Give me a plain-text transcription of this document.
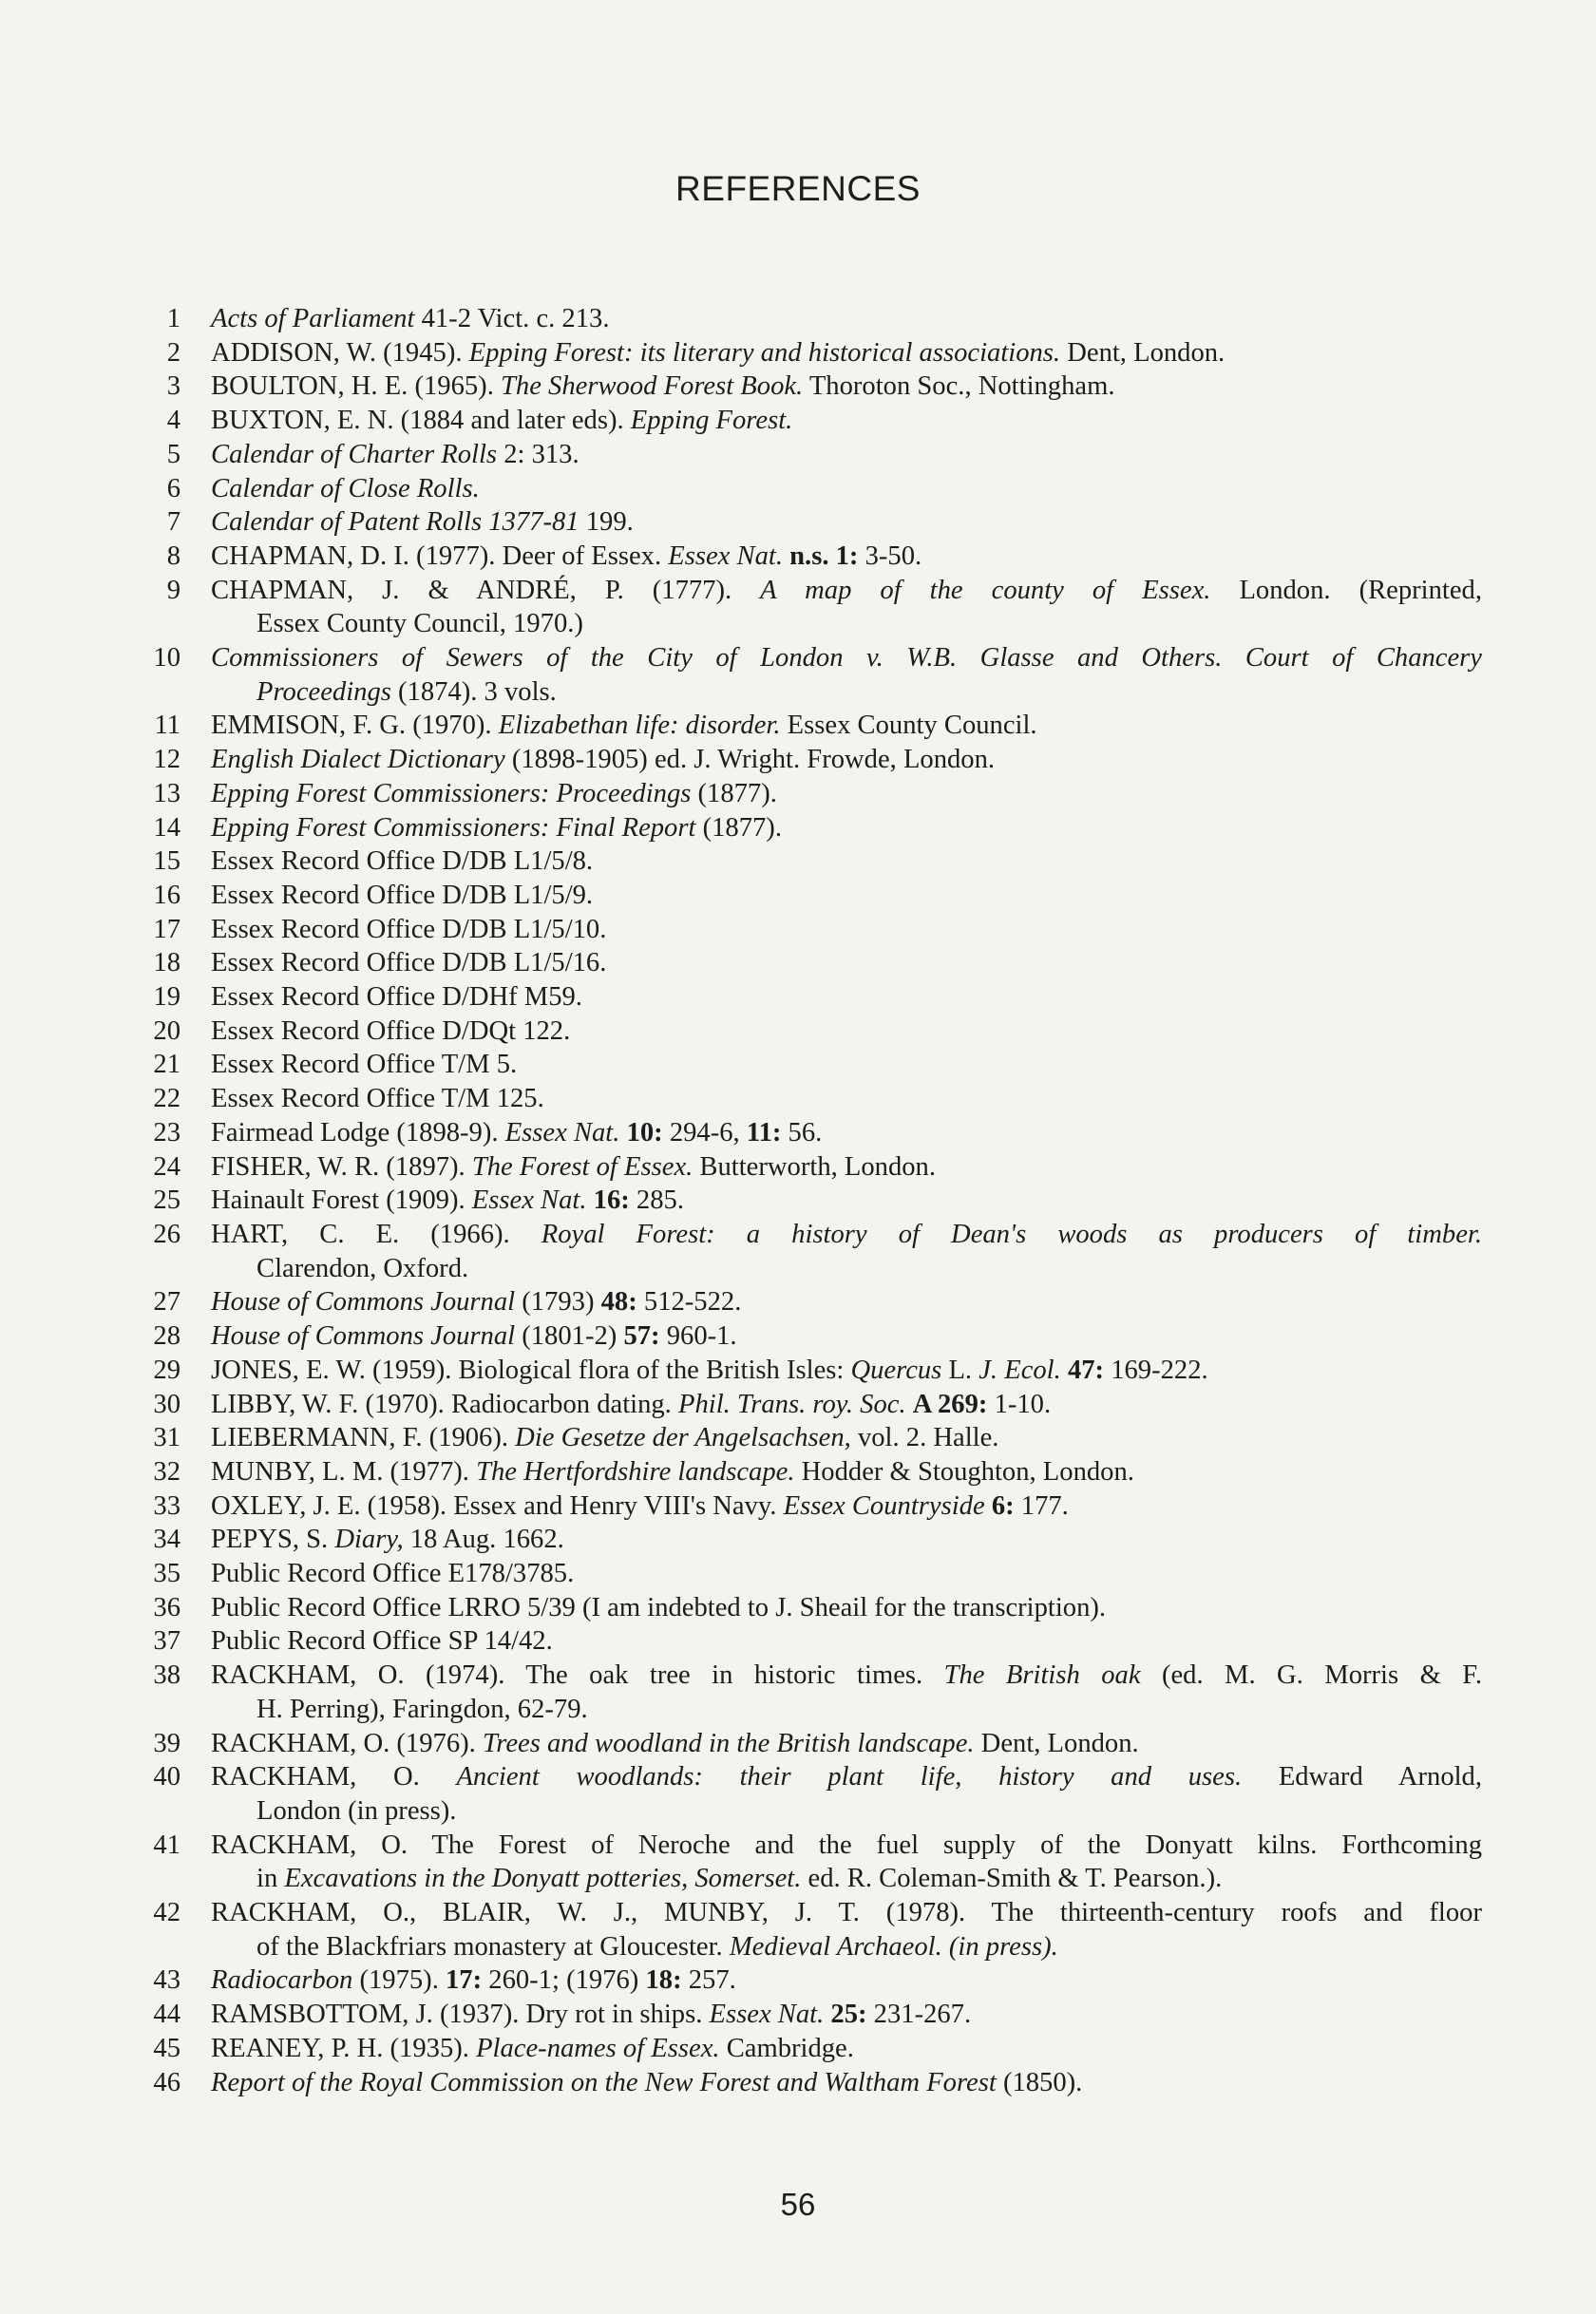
REFERENCES
1 Acts of Parliament 41-2 Vict. c. 213.
2 ADDISON, W. (1945). Epping Forest: its literary and historical associations. Dent, London.
3 BOULTON, H. E. (1965). The Sherwood Forest Book. Thoroton Soc., Nottingham.
4 BUXTON, E. N. (1884 and later eds). Epping Forest.
5 Calendar of Charter Rolls 2: 313.
6 Calendar of Close Rolls.
7 Calendar of Patent Rolls 1377-81 199.
8 CHAPMAN, D. I. (1977). Deer of Essex. Essex Nat. n.s. 1: 3-50.
9 CHAPMAN, J. & ANDRÉ, P. (1777). A map of the county of Essex. London. (Reprinted,
Essex County Council, 1970.)
10 Commissioners of Sewers of the City of London v. W.B. Glasse and Others. Court of Chancery
Proceedings (1874). 3 vols.
11 EMMISON, F. G. (1970). Elizabethan life: disorder. Essex County Council.
12 English Dialect Dictionary (1898-1905) ed. J. Wright. Frowde, London.
13 Epping Forest Commissioners: Proceedings (1877).
14 Epping Forest Commissioners: Final Report (1877).
15 Essex Record Office D/DB L1/5/8.
16 Essex Record Office D/DB L1/5/9.
17 Essex Record Office D/DB L1/5/10.
18 Essex Record Office D/DB L1/5/16.
19 Essex Record Office D/DHf M59.
20 Essex Record Office D/DQt 122.
21 Essex Record Office T/M 5.
22 Essex Record Office T/M 125.
23 Fairmead Lodge (1898-9). Essex Nat. 10: 294-6, 11: 56.
24 FISHER, W. R. (1897). The Forest of Essex. Butterworth, London.
25 Hainault Forest (1909). Essex Nat. 16: 285.
26 HART, C. E. (1966). Royal Forest: a history of Dean's woods as producers of timber.
Clarendon, Oxford.
27 House of Commons Journal (1793) 48: 512-522.
28 House of Commons Journal (1801-2) 57: 960-1.
29 JONES, E. W. (1959). Biological flora of the British Isles: Quercus L. J. Ecol. 47: 169-222.
30 LIBBY, W. F. (1970). Radiocarbon dating. Phil. Trans. roy. Soc. A 269: 1-10.
31 LIEBERMANN, F. (1906). Die Gesetze der Angelsachsen, vol. 2. Halle.
32 MUNBY, L. M. (1977). The Hertfordshire landscape. Hodder & Stoughton, London.
33 OXLEY, J. E. (1958). Essex and Henry VIII's Navy. Essex Countryside 6: 177.
34 PEPYS, S. Diary, 18 Aug. 1662.
35 Public Record Office E178/3785.
36 Public Record Office LRRO 5/39 (I am indebted to J. Sheail for the transcription).
37 Public Record Office SP 14/42.
38 RACKHAM, O. (1974). The oak tree in historic times. The British oak (ed. M. G. Morris & F.
H. Perring), Faringdon, 62-79.
39 RACKHAM, O. (1976). Trees and woodland in the British landscape. Dent, London.
40 RACKHAM, O. Ancient woodlands: their plant life, history and uses. Edward Arnold,
London (in press).
41 RACKHAM, O. The Forest of Neroche and the fuel supply of the Donyatt kilns. Forthcoming
in Excavations in the Donyatt potteries, Somerset. ed. R. Coleman-Smith & T. Pearson.).
42 RACKHAM, O., BLAIR, W. J., MUNBY, J. T. (1978). The thirteenth-century roofs and floor
of the Blackfriars monastery at Gloucester. Medieval Archaeol. (in press).
43 Radiocarbon (1975). 17: 260-1; (1976) 18: 257.
44 RAMSBOTTOM, J. (1937). Dry rot in ships. Essex Nat. 25: 231-267.
45 REANEY, P. H. (1935). Place-names of Essex. Cambridge.
46 Report of the Royal Commission on the New Forest and Waltham Forest (1850).
56
